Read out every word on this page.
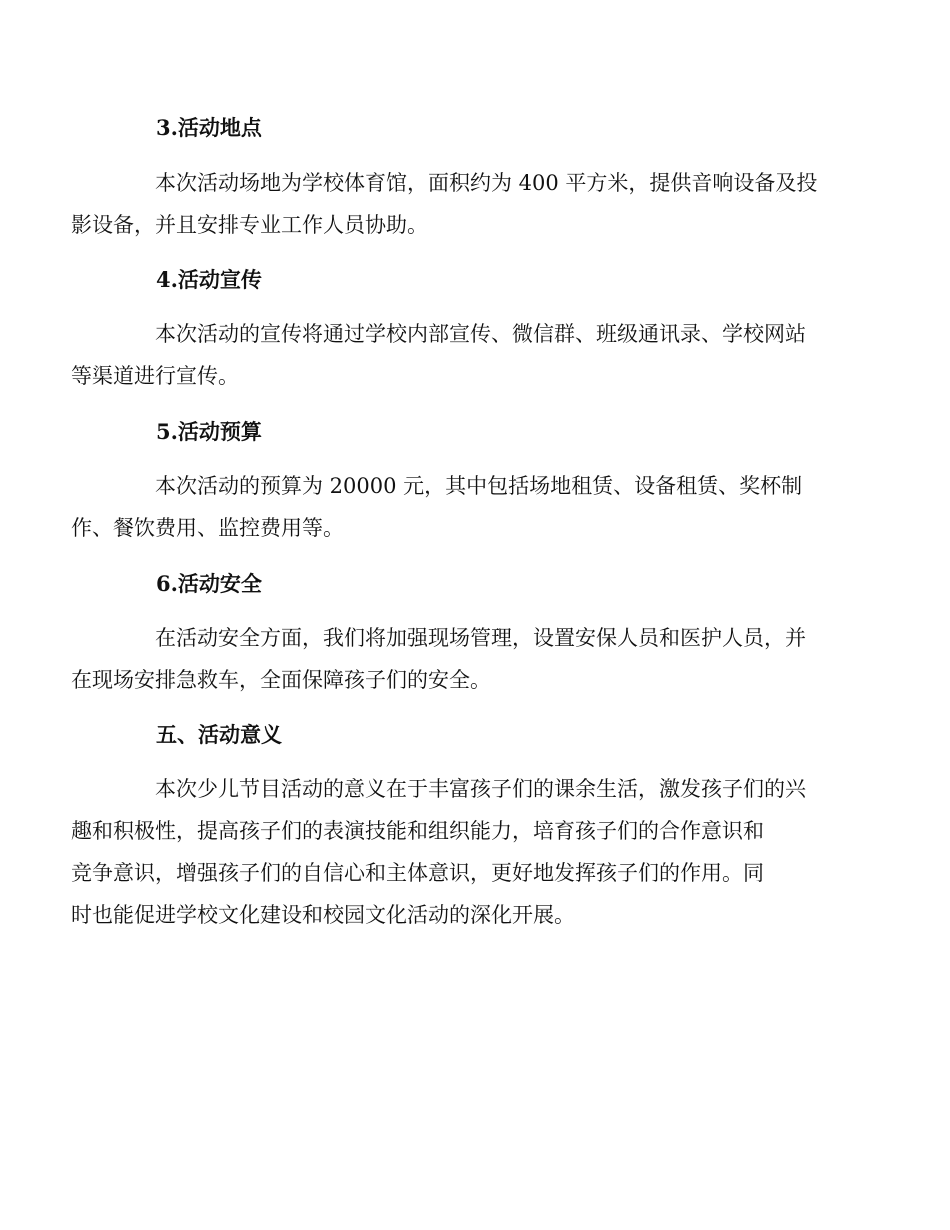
3.活动地点
本次活动场地为学校体育馆，面积约为 400 平方米，提供音响设备及投
影设备，并且安排专业工作人员协助。
4.活动宣传
本次活动的宣传将通过学校内部宣传、微信群、班级通讯录、学校网站
等渠道进行宣传。
5.活动预算
本次活动的预算为 20000 元，其中包括场地租赁、设备租赁、奖杯制
作、餐饮费用、监控费用等。
6.活动安全
在活动安全方面，我们将加强现场管理，设置安保人员和医护人员，并
在现场安排急救车，全面保障孩子们的安全。
五、活动意义
本次少儿节目活动的意义在于丰富孩子们的课余生活，激发孩子们的兴
趣和积极性，提高孩子们的表演技能和组织能力，培育孩子们的合作意识和
竞争意识，增强孩子们的自信心和主体意识，更好地发挥孩子们的作用。同
时也能促进学校文化建设和校园文化活动的深化开展。
